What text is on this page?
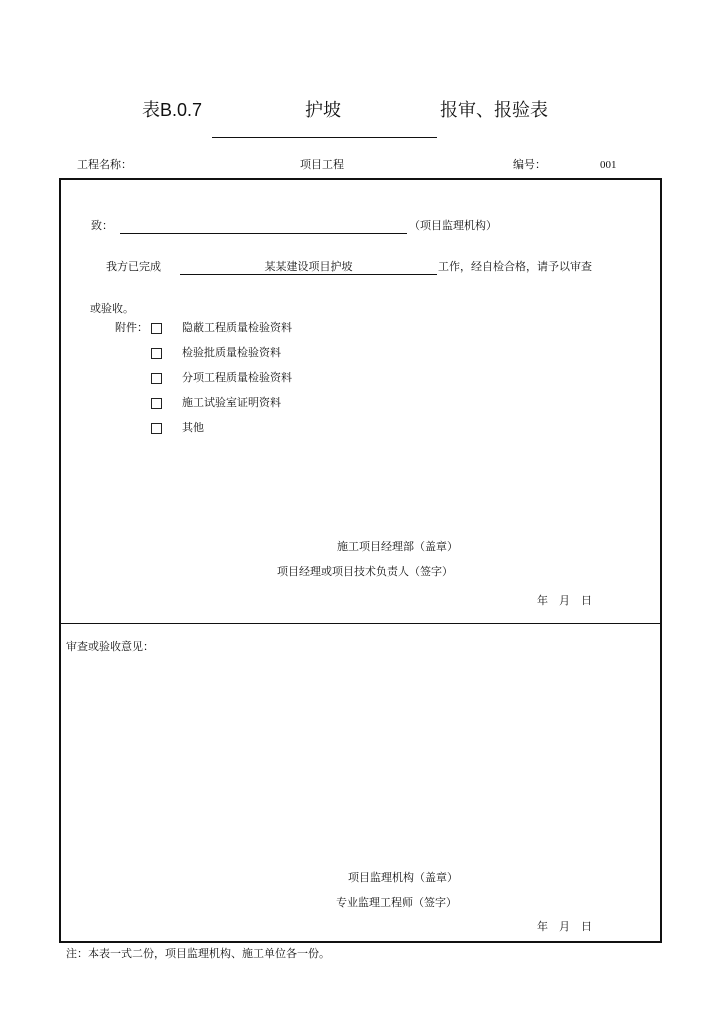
表B.0.7	护坡	报审、报验表
工程名称：	项目工程	编号：	001
致：	（项目监理机构）
我方已完成	某某建设项目护坡	工作，经自检合格，请予以审查
或验收。
附件：	隐蔽工程质量检验资料
检验批质量检验资料
分项工程质量检验资料
施工试验室证明资料
其他
施工项目经理部（盖章）
项目经理或项目技术负责人（签字）
年　月　日
审查或验收意见：
项目监理机构（盖章）
专业监理工程师（签字）
年　月　日
注：本表一式二份，项目监理机构、施工单位各一份。
